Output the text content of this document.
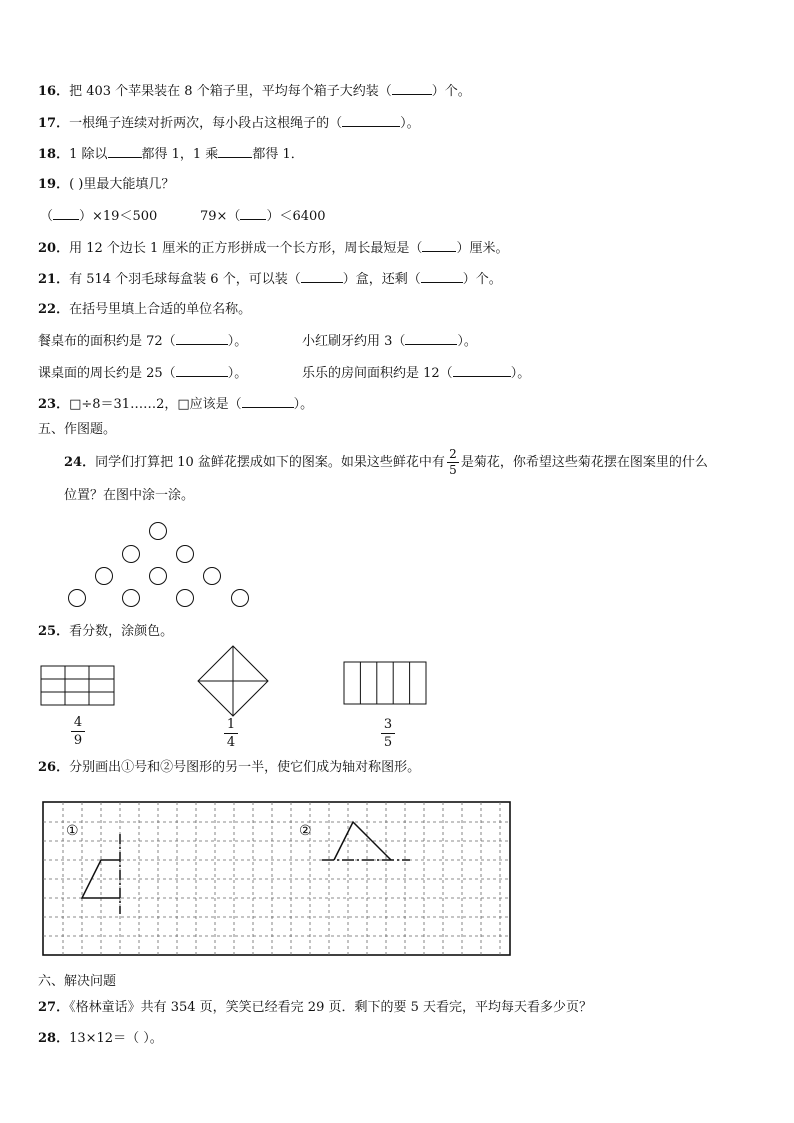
16．把 403 个苹果装在 8 个箱子里，平均每个箱子大约装（	）个。
17．一根绳子连续对折两次，每小段占这根绳子的（	）。
18．1 除以	都得 1，1 乘	都得 1．
19．( )里最大能填几？
（ ）×19＜500	79×（ ）＜6400
20．用 12 个边长 1 厘米的正方形拼成一个长方形，周长最短是（	）厘米。
21．有 514 个羽毛球每盒装 6 个，可以装（	）盒，还剩（	）个。
22．在括号里填上合适的单位名称。
餐桌布的面积约是 72（	）。	小红刷牙约用 3（	）。
课桌面的周长约是 25（	）。	乐乐的房间面积约是 12（	）。
23．□÷8＝31……2，□应该是（	）。
五、作图题。
24．同学们打算把 10 盆鲜花摆成如下的图案。如果这些鲜花中有 $\frac{2}{5}$ 是菊花，你希望这些菊花摆在图案里的什么
位置？在图中涂一涂。
25．看分数，涂颜色。
4
9
1
4
3
5
26．分别画出①号和②号图形的另一半，使它们成为轴对称图形。
①	②
六、解决问题
27．《格林童话》共有 354 页，笑笑已经看完 29 页．剩下的要 5 天看完，平均每天看多少页？
28．13×12＝（ ）。
